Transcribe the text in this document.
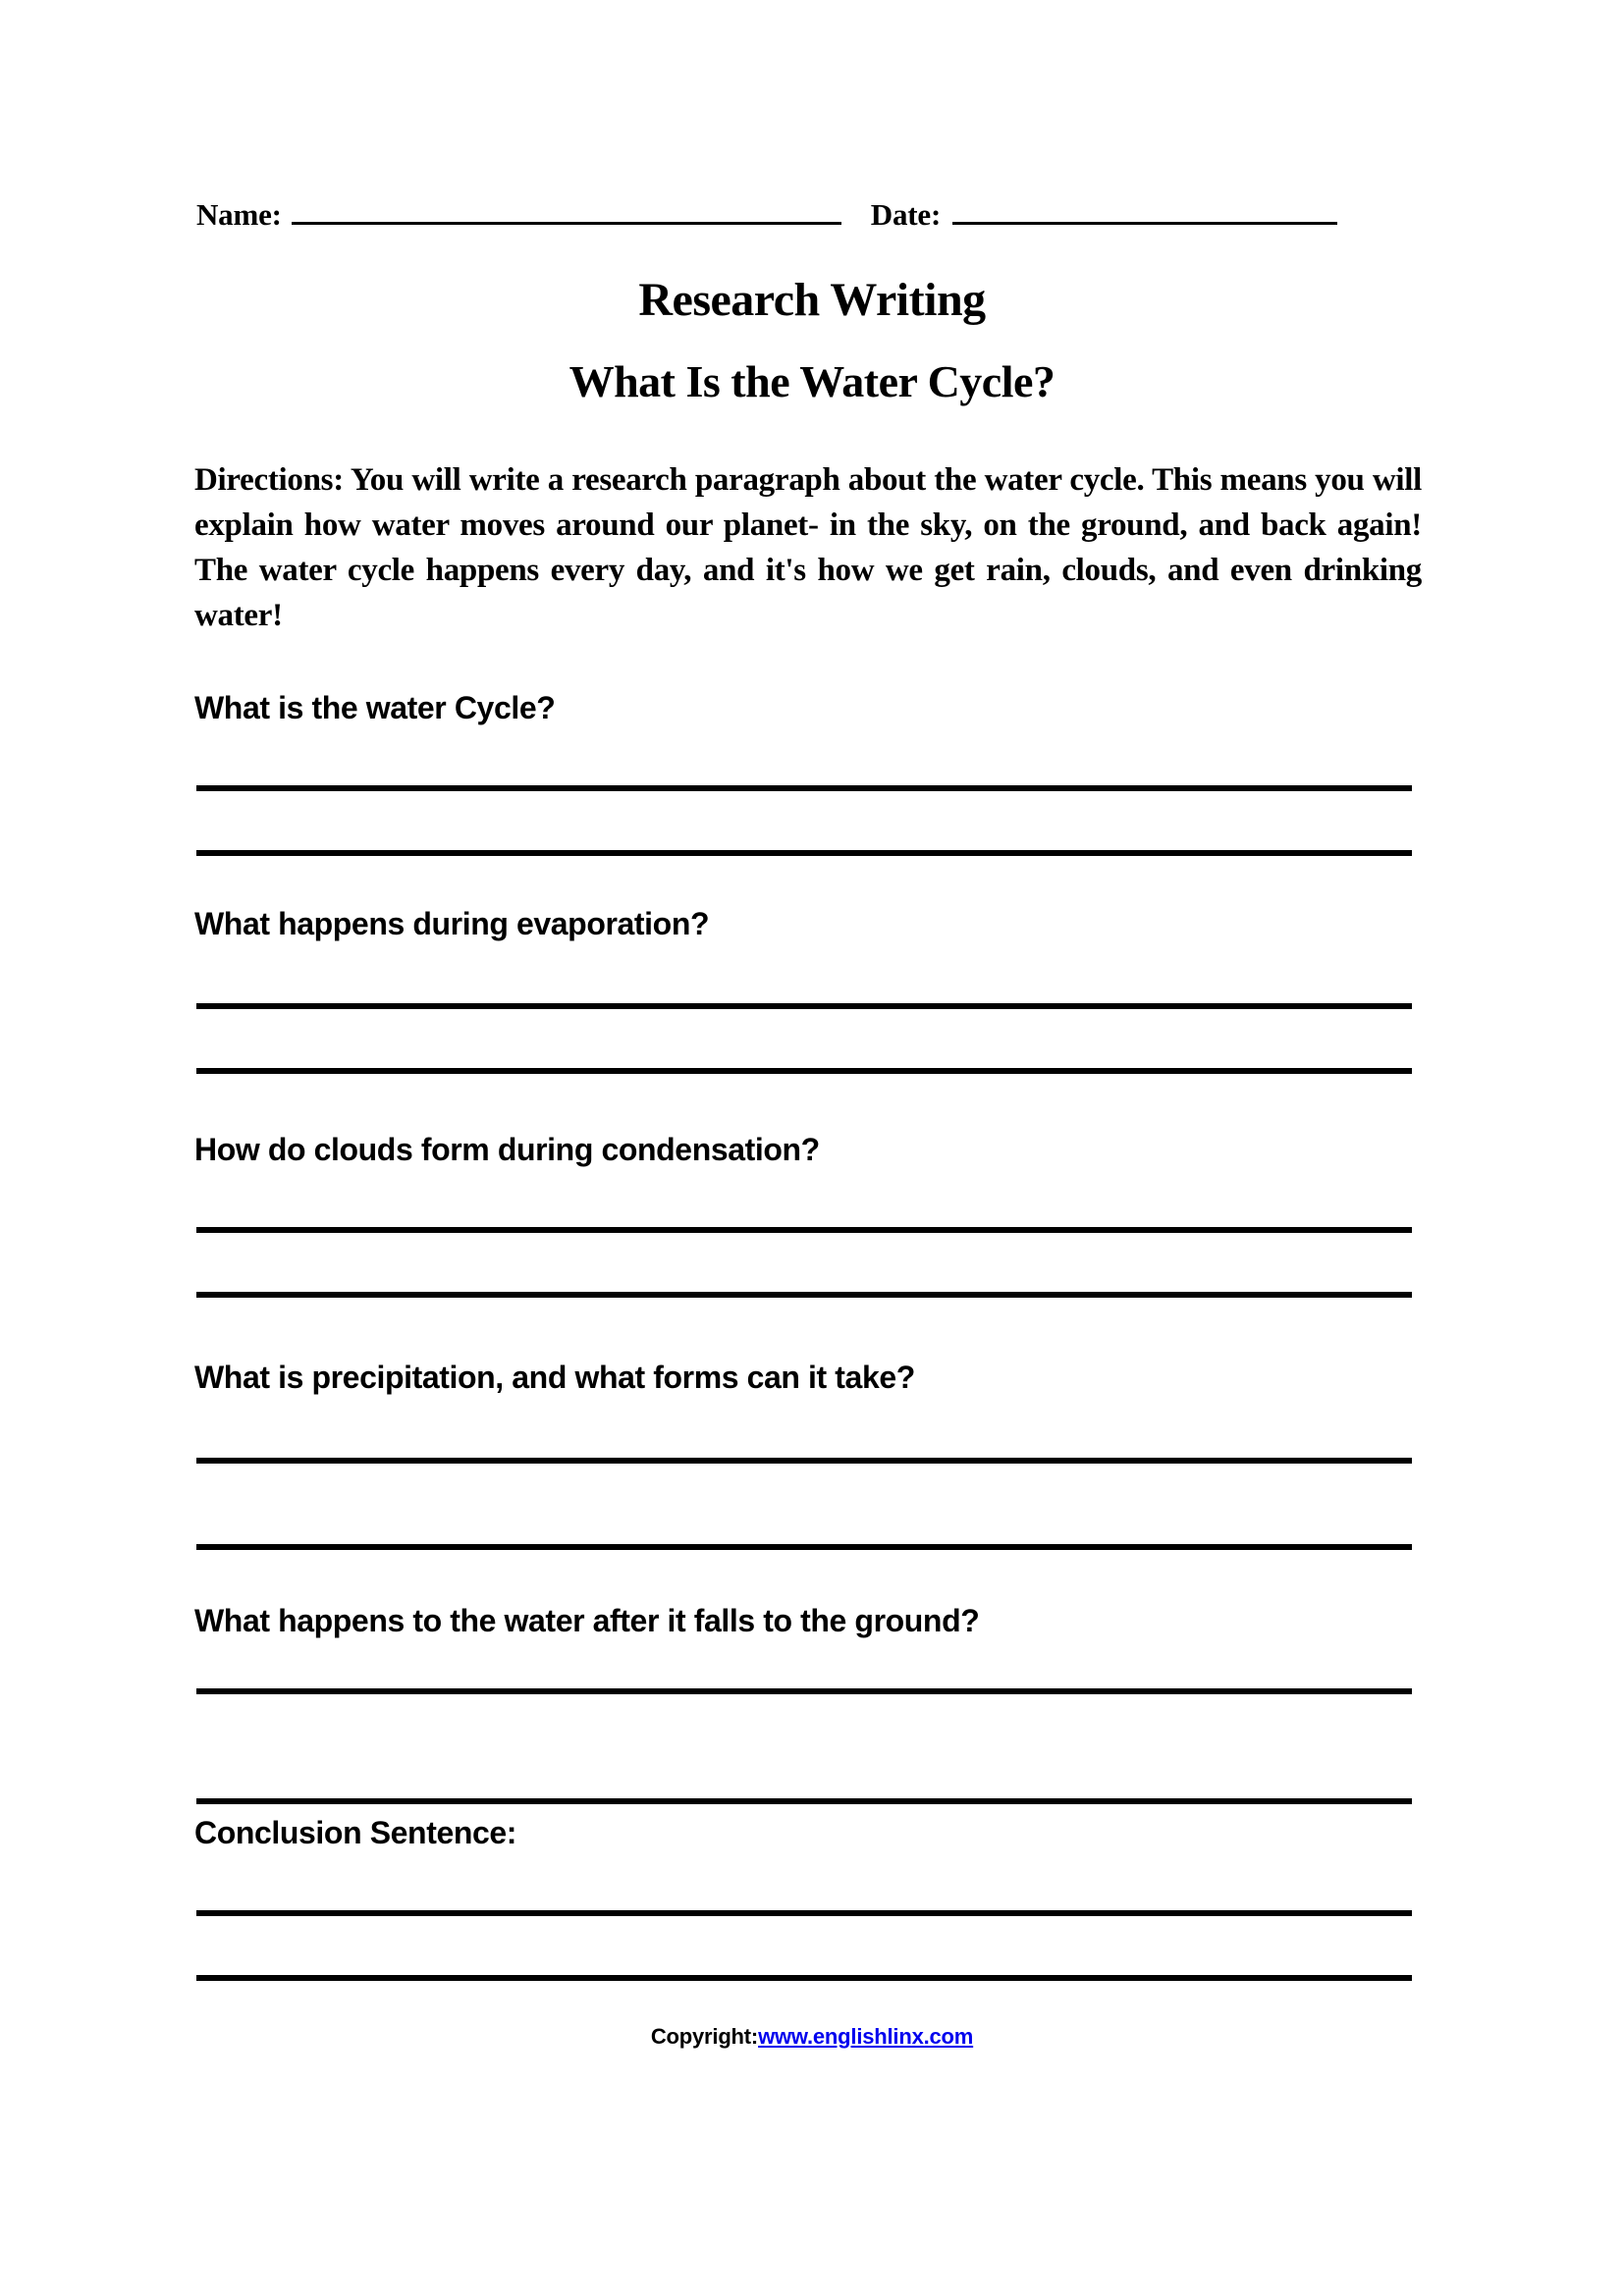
Name:	Date:
Research Writing
What Is the Water Cycle?
Directions: You will write a research paragraph about the water cycle. This means you will explain how water moves around our planet- in the sky, on the ground, and back again! The water cycle happens every day, and it's how we get rain, clouds, and even drinking water!
What is the water Cycle?
What happens during evaporation?
How do clouds form during condensation?
What is precipitation, and what forms can it take?
What happens to the water after it falls to the ground?
Conclusion Sentence:
Copyright:www.englishlinx.com
